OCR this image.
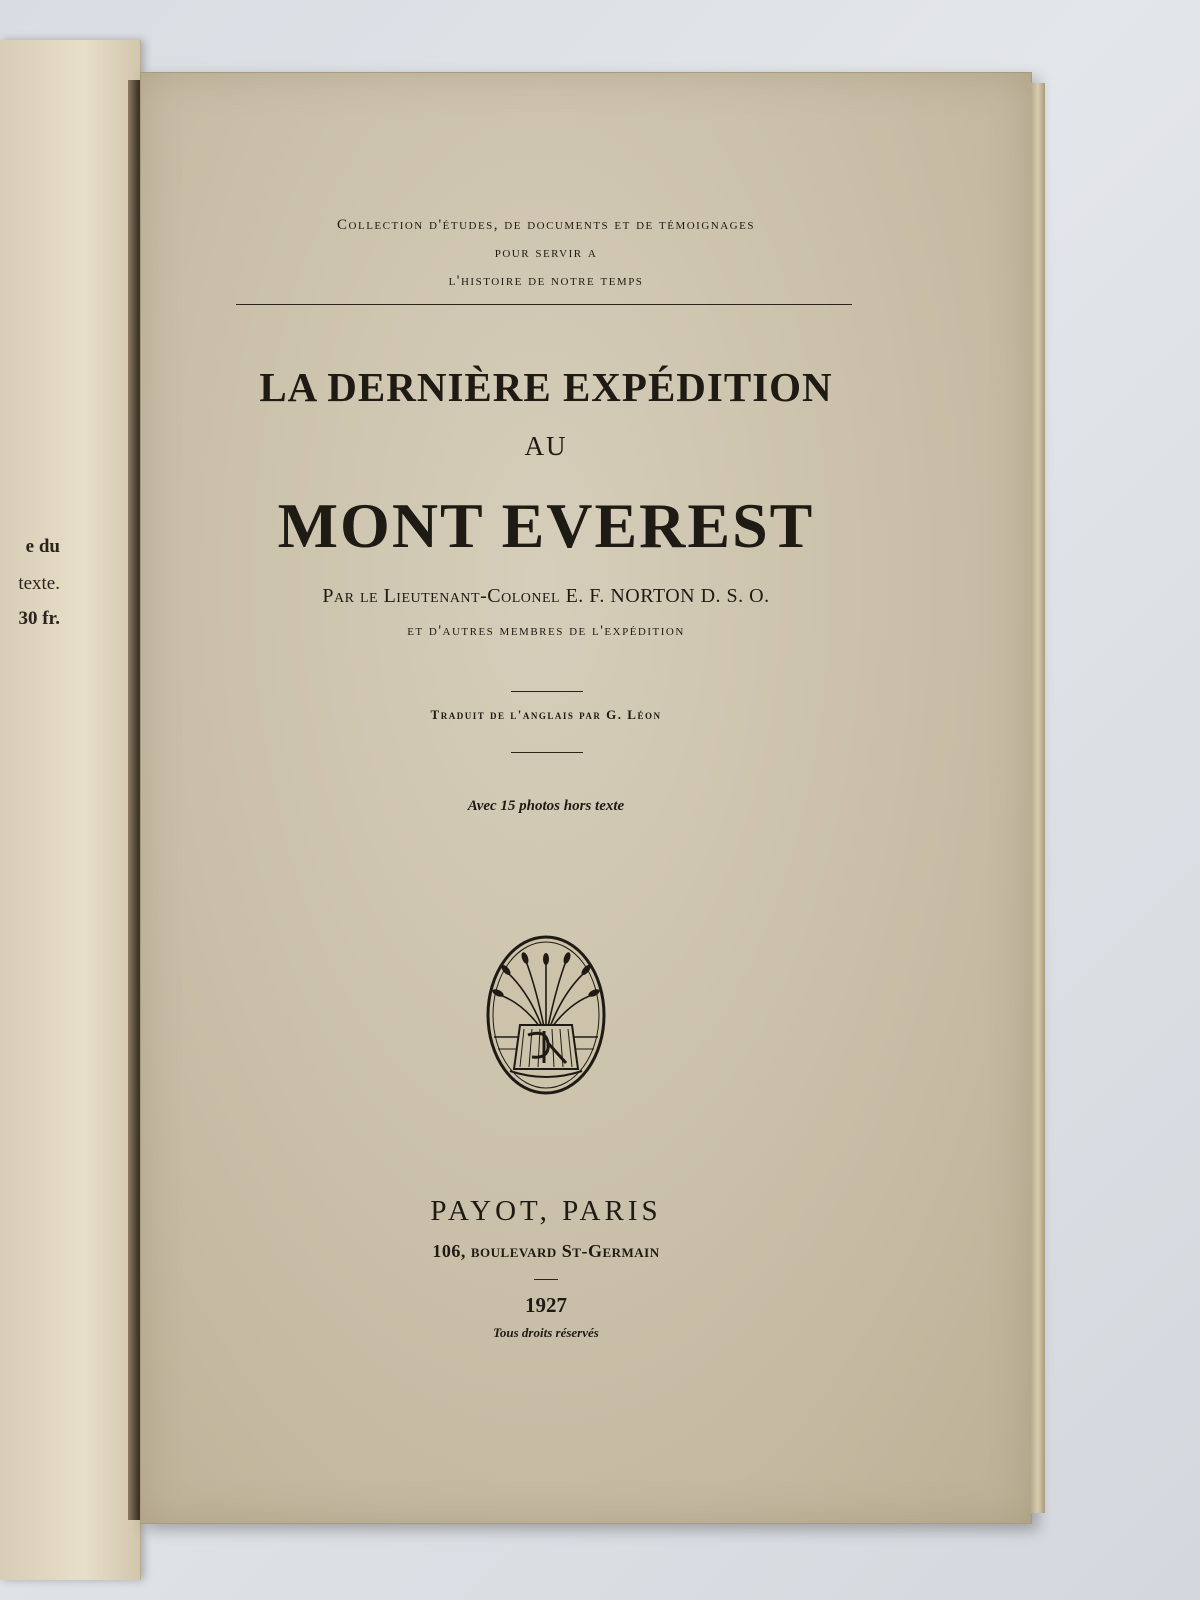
e du
texte.
30 fr.
Collection d'études, de documents et de témoignages
pour servir a
l'histoire de notre temps
LA DERNIÈRE EXPÉDITION
AU
MONT EVEREST
Par le Lieutenant-Colonel E. F. NORTON D. S. O.
et d'autres membres de l'expédition
Traduit de l'anglais par G. Léon
Avec 15 photos hors texte
PAYOT, PARIS
106, boulevard St-Germain
1927
Tous droits réservés
